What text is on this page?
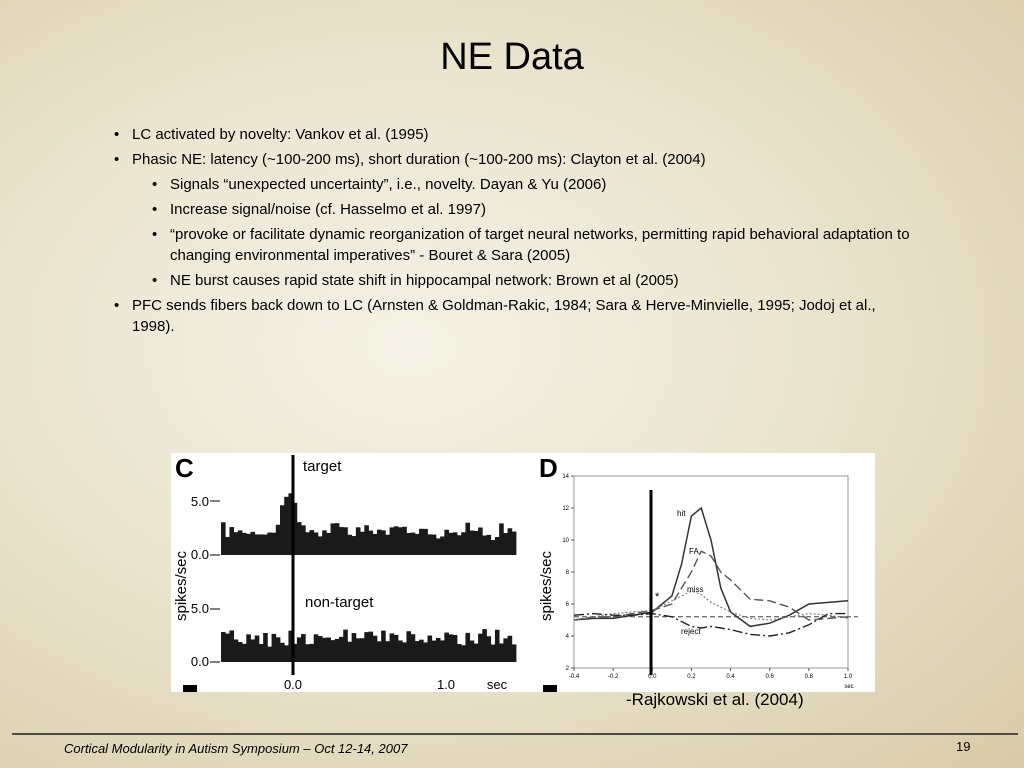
NE Data
• LC activated by novelty: Vankov et al. (1995)
• Phasic NE: latency (~100-200 ms), short duration (~100-200 ms): Clayton et al. (2004)
• Signals “unexpected uncertainty”, i.e., novelty. Dayan & Yu (2006)
• Increase signal/noise (cf. Hasselmo et al. 1997)
• “provoke or facilitate dynamic reorganization of target neural networks, permitting rapid behavioral adaptation to changing environmental imperatives” - Bouret & Sara (2005)
• NE burst causes rapid state shift in hippocampal network: Brown et al (2005)
• PFC sends fibers back down to LC (Arnsten & Goldman-Rakic, 1984; Sara & Herve-Minvielle, 1995; Jodoj et al., 1998).
C
spikes/sec
target
non-target
5.0
0.0
5.0
0.0
0.0	1.0 sec
D
spikes/sec
14
12
10
8
6
4
2
-0.4	-0.2	0.0	0.2	0.4	0.6	0.8	1.0
sec
*
hit
FA
miss
reject
-Rajkowski et al. (2004)
Cortical Modularity in Autism Symposium – Oct 12-14, 2007	19
